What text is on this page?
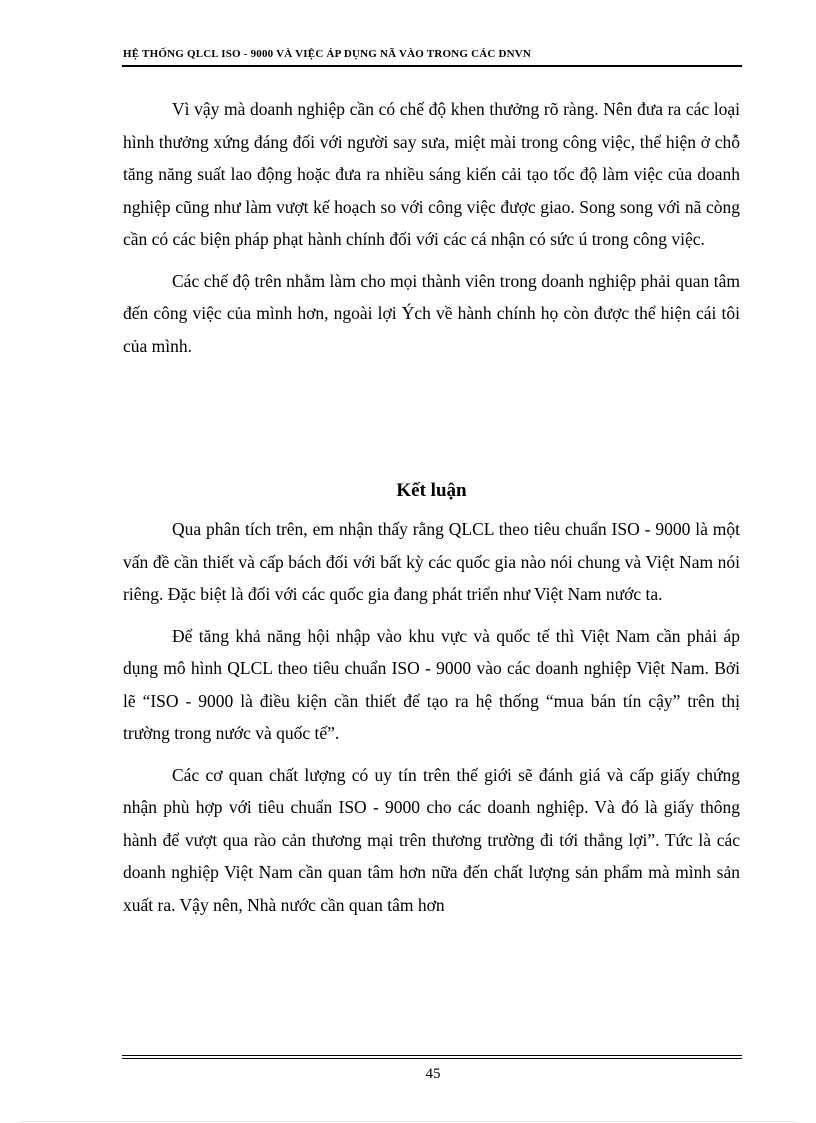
HỆ THỐNG QLCL ISO - 9000 VÀ VIỆC ÁP DỤNG NÃ VÀO TRONG CÁC DNVN

Vì vậy mà doanh nghiệp cần có chế độ khen thưởng rõ ràng. Nên đưa ra các loại hình thưởng xứng đáng đối với người say sưa, miệt mài trong công việc, thể hiện ở chỗ tăng năng suất lao động hoặc đưa ra nhiều sáng kiến cải tạo tốc độ làm việc của doanh nghiệp cũng như làm vượt kế hoạch so với công việc được giao. Song song với nã còng cần có các biện pháp phạt hành chính đối với các cá nhận có sức ú trong công việc.

Các chế độ trên nhằm làm cho mọi thành viên trong doanh nghiệp phải quan tâm đến công việc của mình hơn, ngoài lợi Ých về hành chính họ còn được thể hiện cái tôi của mình.

Kết luận

Qua phân tích trên, em nhận thấy rằng QLCL theo tiêu chuẩn ISO - 9000 là một vấn đề cần thiết và cấp bách đối với bất kỳ các quốc gia nào nói chung và Việt Nam nói riêng. Đặc biệt là đối với các quốc gia đang phát triển như Việt Nam nước ta.

Để tăng khả năng hội nhập vào khu vực và quốc tế thì Việt Nam cần phải áp dụng mô hình QLCL theo tiêu chuẩn ISO - 9000 vào các doanh nghiệp Việt Nam. Bởi lẽ “ISO - 9000 là điều kiện cần thiết để tạo ra hệ thống “mua bán tín cậy” trên thị trường trong nước và quốc tế”.

Các cơ quan chất lượng có uy tín trên thế giới sẽ đánh giá và cấp giấy chứng nhận phù hợp với tiêu chuẩn ISO - 9000 cho các doanh nghiệp. Và đó là giấy thông hành để vượt qua rào cản thương mại trên thương trường đi tới thắng lợi”. Tức là các doanh nghiệp Việt Nam cần quan tâm hơn nữa đến chất lượng sản phẩm mà mình sản xuất ra. Vậy nên, Nhà nước cần quan tâm hơn

45
